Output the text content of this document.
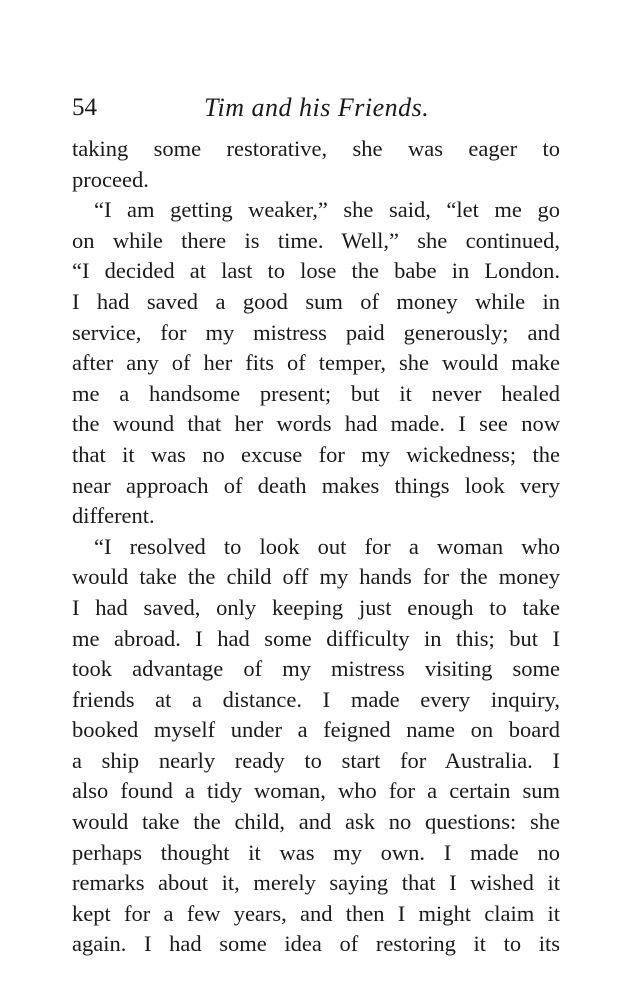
54	Tim and his Friends.
taking some restorative, she was eager to
proceed.
“I am getting weaker,” she said, “let me go
on while there is time. Well,” she continued,
“I decided at last to lose the babe in London.
I had saved a good sum of money while in
service, for my mistress paid generously; and
after any of her fits of temper, she would make
me a handsome present; but it never healed
the wound that her words had made. I see now
that it was no excuse for my wickedness; the
near approach of death makes things look very
different.
“I resolved to look out for a woman who
would take the child off my hands for the money
I had saved, only keeping just enough to take
me abroad. I had some difficulty in this; but I
took advantage of my mistress visiting some
friends at a distance. I made every inquiry,
booked myself under a feigned name on board
a ship nearly ready to start for Australia. I
also found a tidy woman, who for a certain sum
would take the child, and ask no questions: she
perhaps thought it was my own. I made no
remarks about it, merely saying that I wished it
kept for a few years, and then I might claim it
again. I had some idea of restoring it to its
